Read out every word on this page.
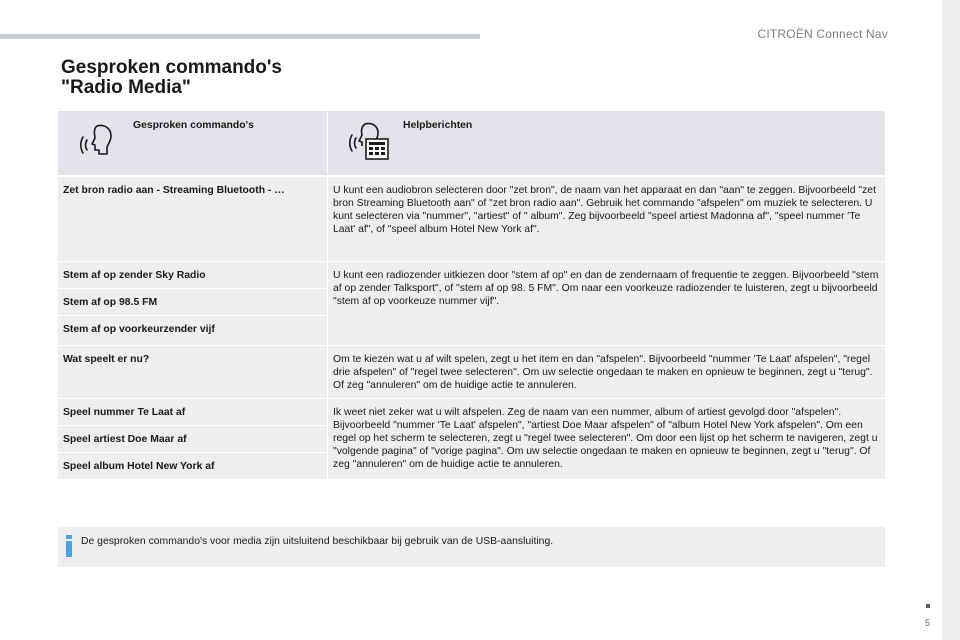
CITROËN Connect Nav
Gesproken commando's
"Radio Media"
Gesproken commando's	Helpberichten

Zet bron radio aan - Streaming Bluetooth - …	U kunt een audiobron selecteren door "zet bron", de naam van het apparaat en dan "aan" te zeggen. Bijvoorbeeld "zet bron Streaming Bluetooth aan" of "zet bron radio aan". Gebruik het commando "afspelen" om muziek te selecteren. U kunt selecteren via "nummer", "artiest" of " album". Zeg bijvoorbeeld "speel artiest Madonna af", "speel nummer 'Te Laat' af", of "speel album Hotel New York af".
Stem af op zender Sky Radio	U kunt een radiozender uitkiezen door "stem af op" en dan de zendernaam of frequentie te zeggen. Bijvoorbeeld "stem af op zender Talksport", of "stem af op 98. 5 FM". Om naar een voorkeuze radiozender te luisteren, zegt u bijvoorbeeld "stem af op voorkeuze nummer vijf".
Stem af op 98.5 FM	
Stem af op voorkeurzender vijf	
Wat speelt er nu?	Om te kiezen wat u af wilt spelen, zegt u het item en dan "afspelen". Bijvoorbeeld "nummer 'Te Laat' afspelen", "regel drie afspelen" of "regel twee selecteren". Om uw selectie ongedaan te maken en opnieuw te beginnen, zegt u "terug". Of zeg "annuleren" om de huidige actie te annuleren.
Speel nummer Te Laat af	Ik weet niet zeker wat u wilt afspelen. Zeg de naam van een nummer, album of artiest gevolgd door "afspelen". Bijvoorbeeld "nummer 'Te Laat' afspelen", "artiest Doe Maar afspelen" of "album Hotel New York afspelen". Om een regel op het scherm te selecteren, zegt u "regel twee selecteren". Om door een lijst op het scherm te navigeren, zegt u "volgende pagina" of "vorige pagina". Om uw selectie ongedaan te maken en opnieuw te beginnen, zegt u "terug". Of zeg "annuleren" om de huidige actie te annuleren.
Speel artiest Doe Maar af	
Speel album Hotel New York af	
De gesproken commando's voor media zijn uitsluitend beschikbaar bij gebruik van de USB-aansluiting.
5
